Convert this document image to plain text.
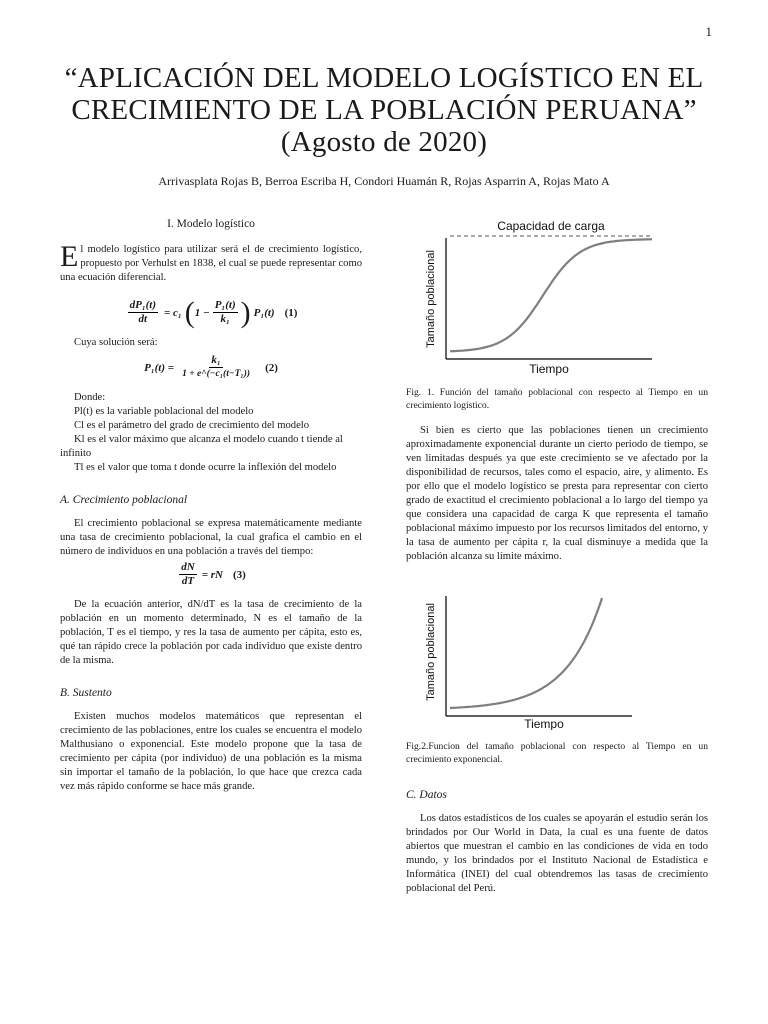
1
“APLICACIÓN DEL MODELO LOGÍSTICO EN EL CRECIMIENTO DE LA POBLACIÓN PERUANA” (Agosto de 2020)
Arrivasplata Rojas B, Berroa Escriba H, Condori Huamán R, Rojas Asparrin A, Rojas Mato A
I. Modelo logístico

El modelo logístico para utilizar será el de crecimiento logístico, propuesto por Verhulst en 1838, el cual se puede representar como una ecuación diferencial.

$\frac{\text{dP₁(t)}}{dt} = c_1$ ( $1 - \frac{\text{P₁(t)}}{\text{k₁}}$ ) P₁(t) (1)

Cuya solución será:

$P_1(t) = \frac{\text{k₁}}{\text{1 + e\textasciicircum{}(−c₁(t−T₁))}} (2)$

Donde:

Pl(t) es la variable poblacional del modelo

Cl es el parámetro del grado de crecimiento del modelo

Kl es el valor máximo que alcanza el modelo cuando t tiende al infinito

Tl es el valor que toma t donde ocurre la inflexión del modelo

A. Crecimiento poblacional

El crecimiento poblacional se expresa matemáticamente mediante una tasa de crecimiento poblacional, la cual grafica el cambio en el número de individuos en una población a través del tiempo:

$\frac{dN}{dT}$ = rN (3)

De la ecuación anterior, dN/dT es la tasa de crecimiento de la población en un momento determinado, N es el tamaño de la población, T es el tiempo, y res la tasa de aumento per cápita, esto es, qué tan rápido crece la población por cada individuo que existe dentro de la misma.

B. Sustento

Existen muchos modelos matemáticos que representan el crecimiento de las poblaciones, entre los cuales se encuentra el modelo Malthusiano o exponencial. Este modelo propone que la tasa de crecimiento per cápita (por individuo) de una población es la misma sin importar el tamaño de la población, lo que hace que crezca cada vez más rápido conforme se hace más grande.

Capacidad de carga
Tamaño poblacional
Tiempo
Fig. 1. Función del tamaño poblacional con respecto al Tiempo en un crecimiento logístico.

Si bien es cierto que las poblaciones tienen un crecimiento aproximadamente exponencial durante un cierto periodo de tiempo, se ven limitadas después ya que este crecimiento se ve afectado por la disponibilidad de recursos, tales como el espacio, aire, y alimento. Es por ello que el modelo logístico se presta para representar con cierto grado de exactitud el crecimiento poblacional a lo largo del tiempo ya que considera una capacidad de carga K que representa el tamaño poblacional máximo impuesto por los recursos limitados del entorno, y la tasa de aumento per cápita r, la cual disminuye a medida que la población alcanza su límite máximo.

Tamaño poblacional
Tiempo
Fig.2.Funcion del tamaño poblacional con respecto al Tiempo en un crecimiento exponencial.
C. Datos

Los datos estadísticos de los cuales se apoyarán el estudio serán los brindados por Our World in Data, la cual es una fuente de datos abiertos que muestran el cambio en las condiciones de vida en todo mundo, y los brindados por el Instituto Nacional de Estadística e Informática (INEI) del cual obtendremos las tasas de crecimiento poblacional del Perú.
